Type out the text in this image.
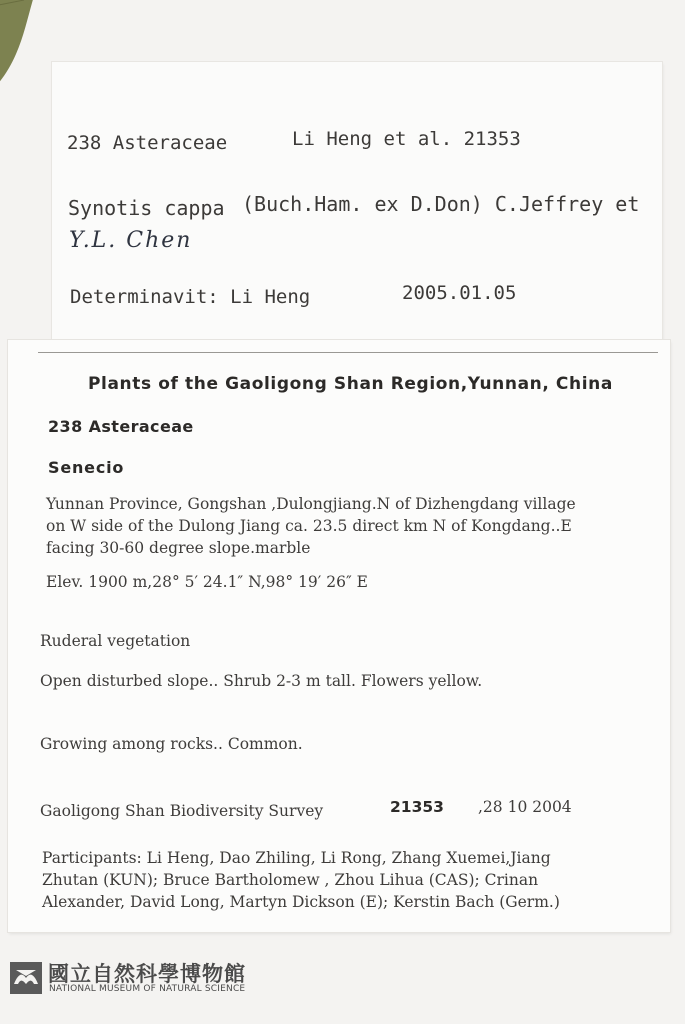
238 Asteraceae	Li Heng et al. 21353
Synotis cappa (Buch.Ham. ex D.Don) C.Jeffrey et
Y.L. Chen
Determinavit: Li Heng	2005.01.05
Plants of the Gaoligong Shan Region,Yunnan, China
238 Asteraceae
Senecio
Yunnan Province, Gongshan ,Dulongjiang.N of Dizhengdang village
on W side of the Dulong Jiang ca. 23.5 direct km N of Kongdang..E
facing 30-60 degree slope.marble
Elev. 1900 m,28° 5′ 24.1″ N,98° 19′ 26″ E
Ruderal vegetation
Open disturbed slope.. Shrub 2-3 m tall. Flowers yellow.
Growing among rocks.. Common.
Gaoligong Shan Biodiversity Survey	21353 ,28 10 2004
Participants: Li Heng, Dao Zhiling, Li Rong, Zhang Xuemei,Jiang
Zhutan (KUN); Bruce Bartholomew , Zhou Lihua (CAS); Crinan
Alexander, David Long, Martyn Dickson (E); Kerstin Bach (Germ.)
國立自然科學博物館
NATIONAL MUSEUM OF NATURAL SCIENCE
